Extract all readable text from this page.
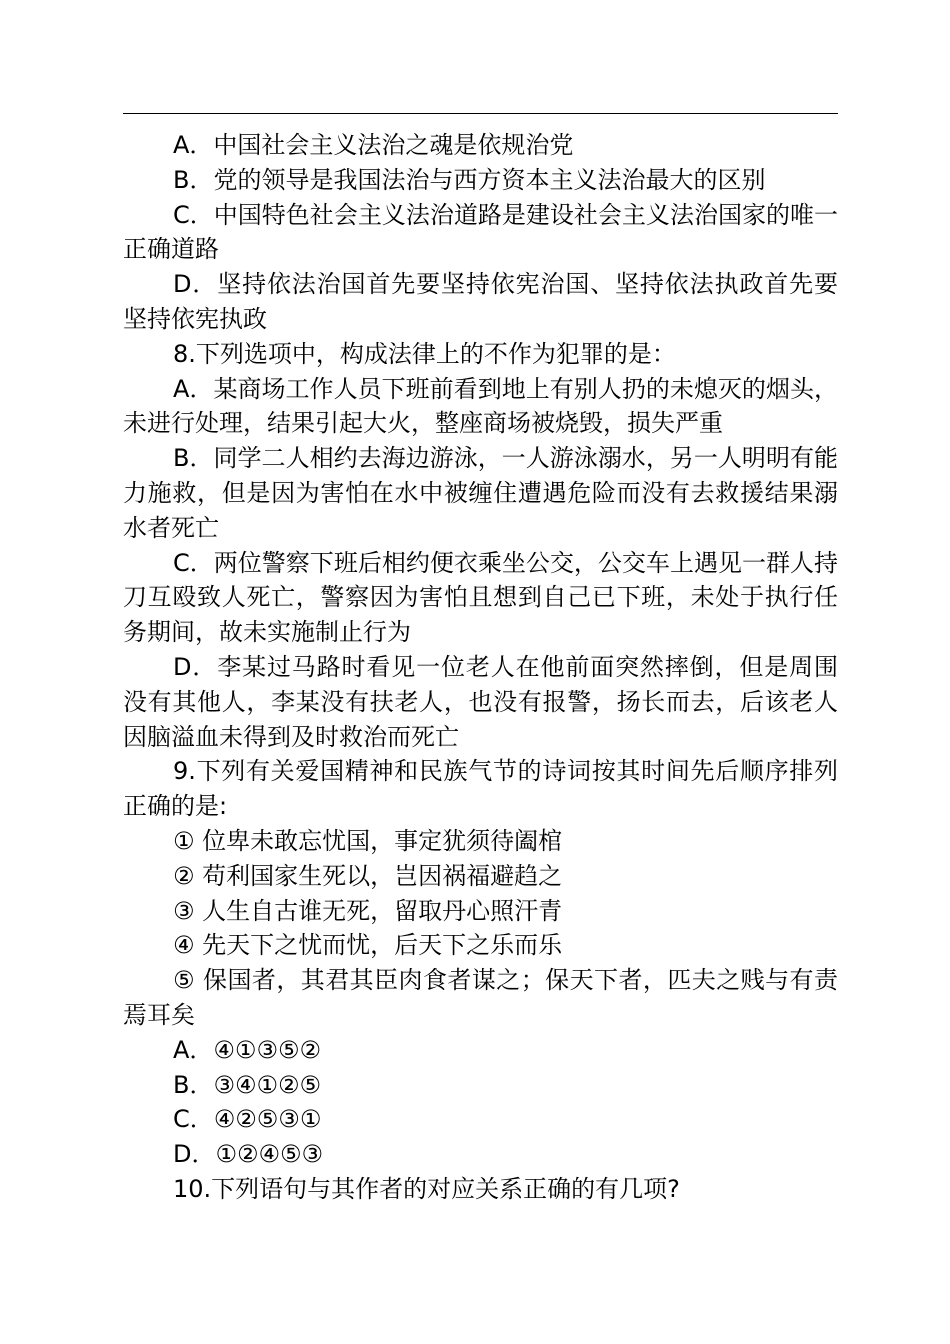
A．中国社会主义法治之魂是依规治党

B．党的领导是我国法治与西方资本主义法治最大的区别

C．中国特色社会主义法治道路是建设社会主义法治国家的唯一正确道路

D．坚持依法治国首先要坚持依宪治国、坚持依法执政首先要坚持依宪执政

8.下列选项中，构成法律上的不作为犯罪的是：

A．某商场工作人员下班前看到地上有别人扔的未熄灭的烟头，未进行处理，结果引起大火，整座商场被烧毁，损失严重

B．同学二人相约去海边游泳，一人游泳溺水，另一人明明有能力施救，但是因为害怕在水中被缠住遭遇危险而没有去救援结果溺水者死亡

C．两位警察下班后相约便衣乘坐公交，公交车上遇见一群人持刀互殴致人死亡，警察因为害怕且想到自己已下班，未处于执行任务期间，故未实施制止行为

D．李某过马路时看见一位老人在他前面突然摔倒，但是周围没有其他人，李某没有扶老人，也没有报警，扬长而去，后该老人因脑溢血未得到及时救治而死亡

9.下列有关爱国精神和民族气节的诗词按其时间先后顺序排列正确的是:

① 位卑未敢忘忧国，事定犹须待阖棺

② 苟利国家生死以，岂因祸福避趋之

③ 人生自古谁无死，留取丹心照汗青

④ 先天下之忧而忧，后天下之乐而乐

⑤ 保国者，其君其臣肉食者谋之；保天下者，匹夫之贱与有责焉耳矣

A．④①③⑤②

B．③④①②⑤

C．④②⑤③①

D．①②④⑤③

10.下列语句与其作者的对应关系正确的有几项?
